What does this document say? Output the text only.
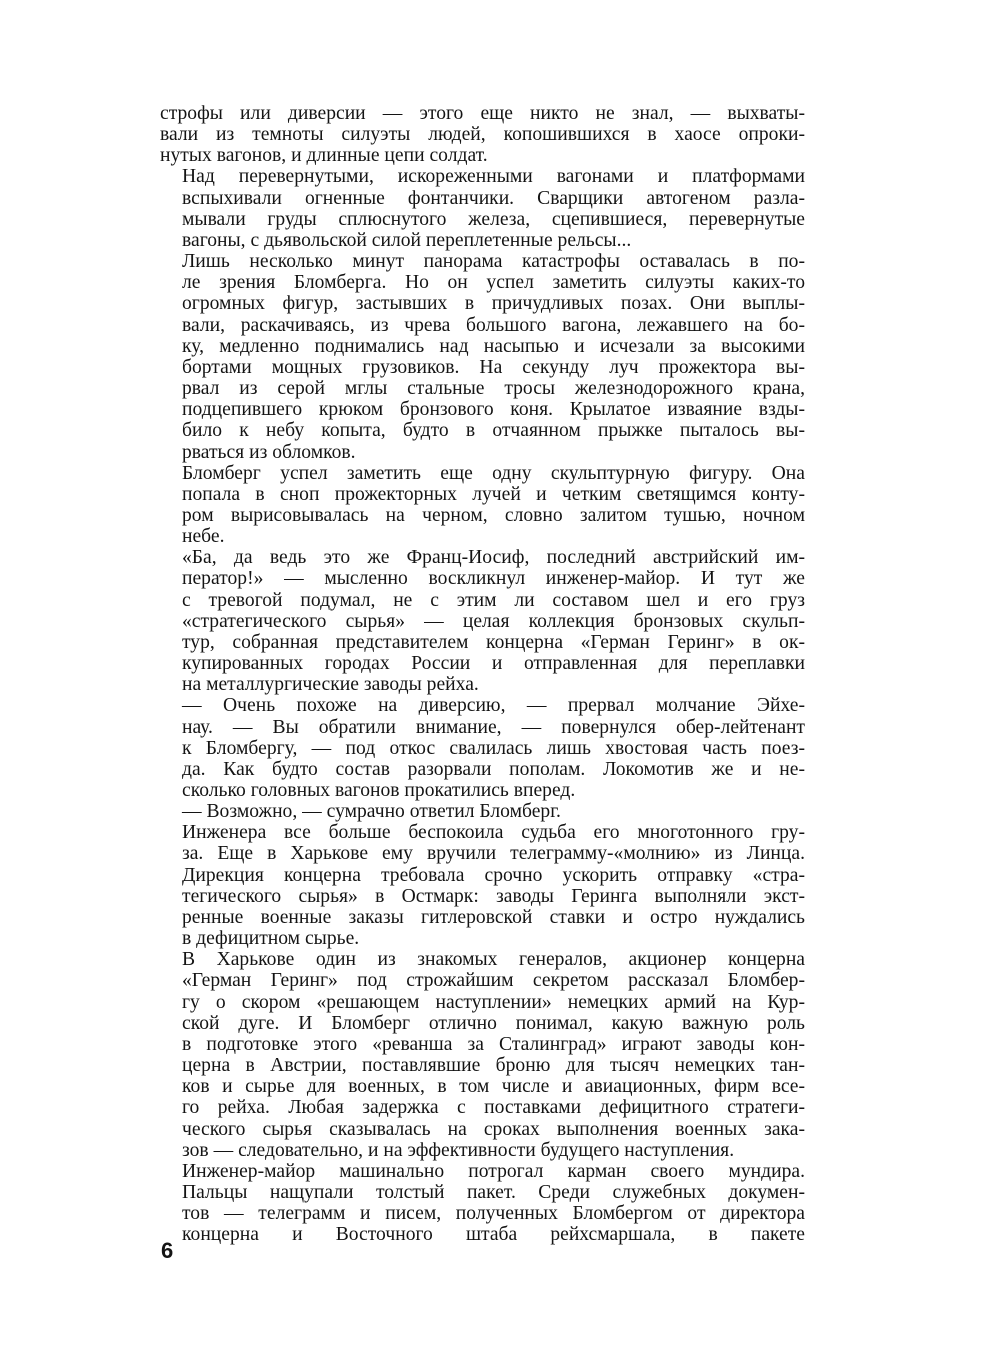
строфы или диверсии — этого еще никто не знал, — выхваты-
вали из темноты силуэты людей, копошившихся в хаосе опроки-
нутых вагонов, и длинные цепи солдат.
Над перевернутыми, искореженными вагонами и платформами
вспыхивали огненные фонтанчики. Сварщики автогеном разла-
мывали груды сплюснутого железа, сцепившиеся, перевернутые
вагоны, с дьявольской силой переплетенные рельсы...
Лишь несколько минут панорама катастрофы оставалась в по-
ле зрения Бломберга. Но он успел заметить силуэты каких-то
огромных фигур, застывших в причудливых позах. Они выплы-
вали, раскачиваясь, из чрева большого вагона, лежавшего на бо-
ку, медленно поднимались над насыпью и исчезали за высокими
бортами мощных грузовиков. На секунду луч прожектора вы-
рвал из серой мглы стальные тросы железнодорожного крана,
подцепившего крюком бронзового коня. Крылатое изваяние взды-
било к небу копыта, будто в отчаянном прыжке пыталось вы-
рваться из обломков.
Бломберг успел заметить еще одну скульптурную фигуру. Она
попала в сноп прожекторных лучей и четким светящимся конту-
ром вырисовывалась на черном, словно залитом тушью, ночном
небе.
«Ба, да ведь это же Франц-Иосиф, последний австрийский им-
ператор!» — мысленно воскликнул инженер-майор. И тут же
с тревогой подумал, не с этим ли составом шел и его груз
«стратегического сырья» — целая коллекция бронзовых скульп-
тур, собранная представителем концерна «Герман Геринг» в ок-
купированных городах России и отправленная для переплавки
на металлургические заводы рейха.
— Очень похоже на диверсию, — прервал молчание Эйхе-
нау. — Вы обратили внимание, — повернулся обер-лейтенант
к Бломбергу, — под откос свалилась лишь хвостовая часть поез-
да. Как будто состав разорвали пополам. Локомотив же и не-
сколько головных вагонов прокатились вперед.
— Возможно, — сумрачно ответил Бломберг.
Инженера все больше беспокоила судьба его многотонного гру-
за. Еще в Харькове ему вручили телеграмму-«молнию» из Линца.
Дирекция концерна требовала срочно ускорить отправку «стра-
тегического сырья» в Остмарк: заводы Геринга выполняли экст-
ренные военные заказы гитлеровской ставки и остро нуждались
в дефицитном сырье.
В Харькове один из знакомых генералов, акционер концерна
«Герман Геринг» под строжайшим секретом рассказал Бломбер-
гу о скором «решающем наступлении» немецких армий на Кур-
ской дуге. И Бломберг отлично понимал, какую важную роль
в подготовке этого «реванша за Сталинград» играют заводы кон-
церна в Австрии, поставлявшие броню для тысяч немецких тан-
ков и сырье для военных, в том числе и авиационных, фирм все-
го рейха. Любая задержка с поставками дефицитного стратеги-
ческого сырья сказывалась на сроках выполнения военных зака-
зов — следовательно, и на эффективности будущего наступления.
Инженер-майор машинально потрогал карман своего мундира.
Пальцы нащупали толстый пакет. Среди служебных докумен-
тов — телеграмм и писем, полученных Бломбергом от директора
концерна и Восточного штаба рейхсмаршала, в пакете
6
